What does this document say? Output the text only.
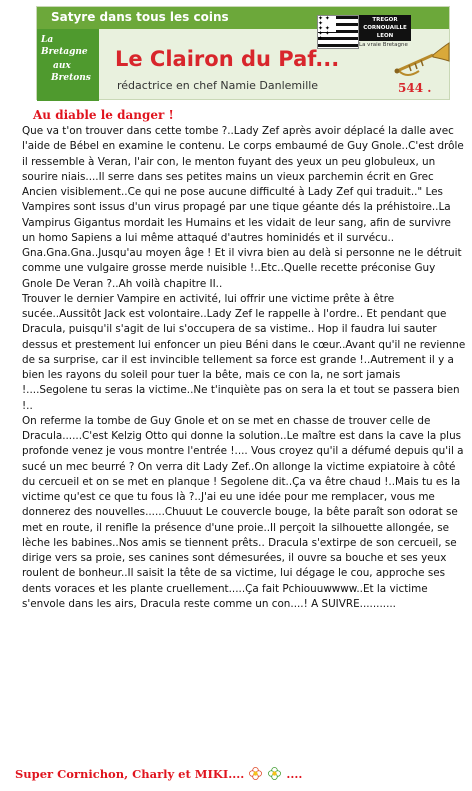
Satyre dans tous les coins
La
Bretagne
aux
Bretons
✦ ✦ ✦
✦ ✦
✦ ✦ ✦
TREGOR
CORNOUAILLE
LEON
La vraie Bretagne
Le Clairon du Paf...
rédactrice en chef Namie Danlemille	544 .
Au diable le danger !

Que va t'on trouver dans cette tombe ?..Lady Zef après avoir déplacé la dalle avec l'aide de Bébel en examine le contenu. Le corps embaumé de Guy Gnole..C'est drôle il ressemble à Veran, l'air con, le menton fuyant des yeux un peu globuleux, un sourire niais....Il serre dans ses petites mains un vieux parchemin écrit en Grec Ancien visiblement..Ce qui ne pose aucune difficulté à Lady Zef qui traduit.." Les Vampires sont issus d'un virus propagé par une tique géante dés la préhistoire..La Vampirus Gigantus mordait les Humains et les vidait de leur sang, afin de survivre un homo Sapiens a lui même attaqué d'autres hominidés et il survécu.. Gna.Gna.Gna..Jusqu'au moyen âge ! Et il vivra bien au delà si personne ne le détruit comme une vulgaire grosse merde nuisible !..Etc..Quelle recette préconise Guy Gnole De Veran ?..Ah voilà chapitre II..

Trouver le dernier Vampire en activité, lui offrir une victime prête à être sucée..Aussitôt Jack est volontaire..Lady Zef le rappelle à l'ordre.. Et pendant que Dracula, puisqu'il s'agit de lui s'occupera de sa vistime.. Hop il faudra lui sauter dessus et prestement lui enfoncer un pieu Béni dans le cœur..Avant qu'il ne revienne de sa surprise, car il est invincible tellement sa force est grande !..Autrement il y a bien les rayons du soleil pour tuer la bête, mais ce con la, ne sort jamais !....Segolene tu seras la victime..Ne t'inquiète pas on sera la et tout se passera bien !..

On referme la tombe de Guy Gnole et on se met en chasse de trouver celle de Dracula......C'est Kelzig Otto qui donne la solution..Le maître est dans la cave la plus profonde venez je vous montre l'entrée !.... Vous croyez qu'il a défumé depuis qu'il a sucé un mec beurré ? On verra dit Lady Zef..On allonge la victime expiatoire à côté du cercueil et on se met en planque ! Segolene dit..Ça va être chaud !..Mais tu es la victime qu'est ce que tu fous là ?..J'ai eu une idée pour me remplacer, vous me donnerez des nouvelles......Chuuut Le couvercle bouge, la bête paraît son odorat se met en route, il renifle la présence d'une proie..Il perçoit la silhouette allongée, se lèche les babines..Nos amis se tiennent prêts.. Dracula s'extirpe de son cercueil, se dirige vers sa proie, ses canines sont démesurées, il ouvre sa bouche et ses yeux roulent de bonheur..Il saisit la tête de sa victime, lui dégage le cou, approche ses dents voraces et les plante cruellement.....Ça fait Pchiouuwwww..Et la victime s'envole dans les airs, Dracula reste comme un con....! A SUIVRE...........

Super Cornichon, Charly et MIKI....	....
